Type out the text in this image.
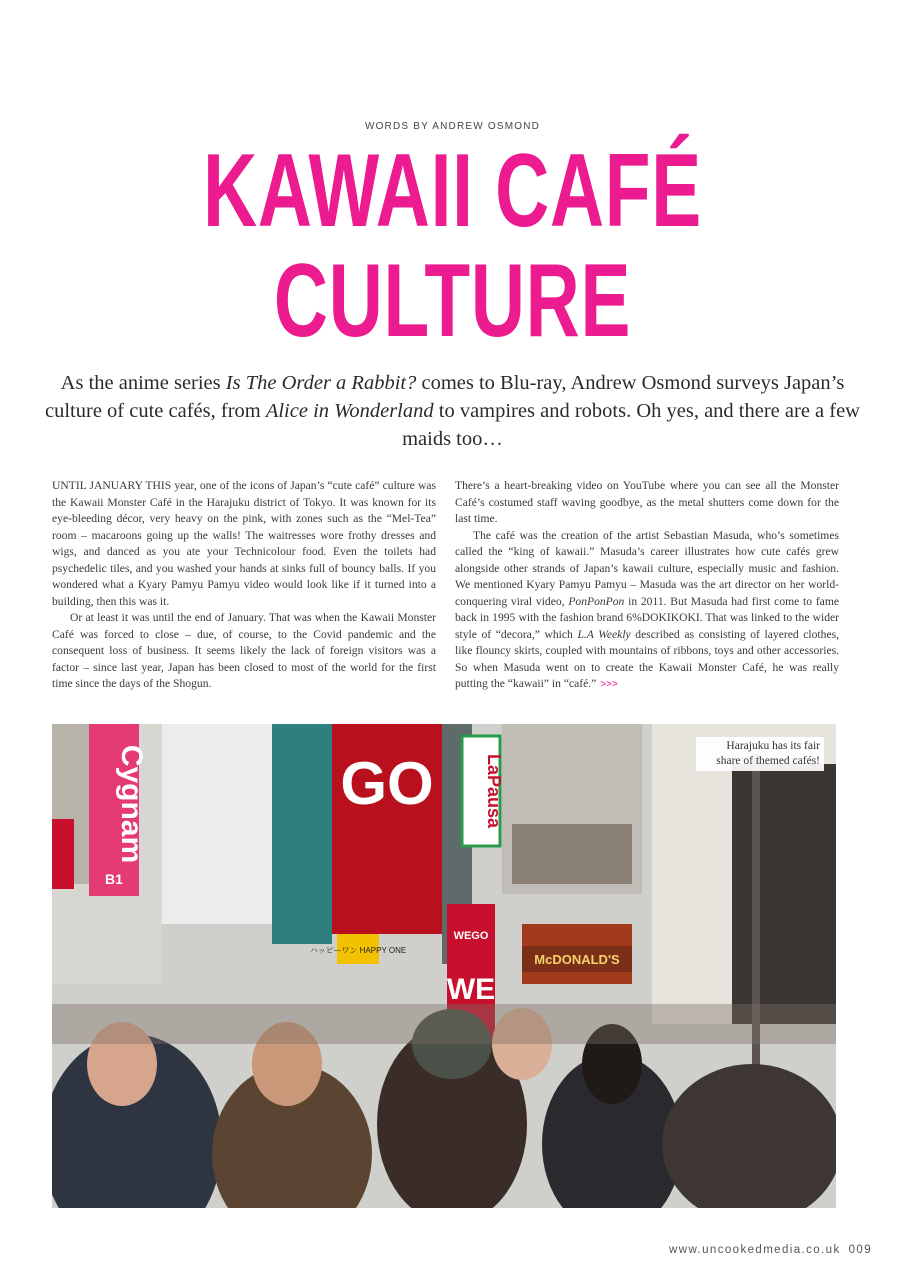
WORDS BY ANDREW OSMOND
KAWAII CAFÉ
CULTURE
As the anime series Is The Order a Rabbit? comes to Blu-ray, Andrew Osmond surveys Japan’s culture of cute cafés, from Alice in Wonderland to vampires and robots. Oh yes, and there are a few maids too…

UNTIL JANUARY THIS year, one of the icons of Japan’s “cute café” culture was the Kawaii Monster Café in the Harajuku district of Tokyo. It was known for its eye-bleeding décor, very heavy on the pink, with zones such as the “Mel-Tea” room – macaroons going up the walls! The waitresses wore frothy dresses and wigs, and danced as you ate your Technicolour food. Even the toilets had psychedelic tiles, and you washed your hands at sinks full of bouncy balls. If you wondered what a Kyary Pamyu Pamyu video would look like if it turned into a building, then this was it.

Or at least it was until the end of January. That was when the Kawaii Monster Café was forced to close – due, of course, to the Covid pandemic and the consequent loss of business. It seems likely the lack of foreign visitors was a factor – since last year, Japan has been closed to most of the world for the first time since the days of the Shogun.

There’s a heart-breaking video on YouTube where you can see all the Monster Café’s costumed staff waving goodbye, as the metal shutters come down for the last time.

The café was the creation of the artist Sebastian Masuda, who’s sometimes called the “king of kawaii.” Masuda’s career illustrates how cute cafés grew alongside other strands of Japan’s kawaii culture, especially music and fashion. We mentioned Kyary Pamyu Pamyu – Masuda was the art director on her world-conquering viral video, PonPonPon in 2011. But Masuda had first come to fame back in 1995 with the fashion brand 6%DOKIKOKI. That was linked to the wider style of “decora,” which L.A Weekly described as consisting of layered clothes, like flouncy skirts, coupled with mountains of ribbons, toys and other accessories. So when Masuda went on to create the Kawaii Monster Café, he was really putting the “kawaii” in “café.” >>>

Cygnam
B1
GO	LaPausa
WEGO
WE
ハッピーワン HAPPY ONE
McDONALD'S
Harajuku has its fair share of themed cafés!
www.uncookedmedia.co.uk 009
